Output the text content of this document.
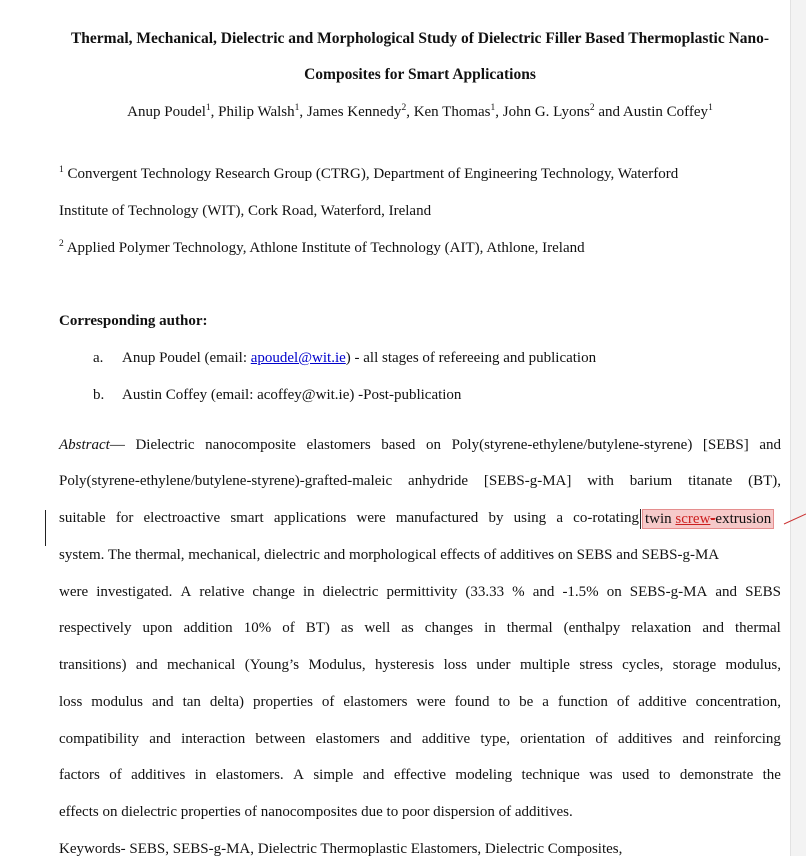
Thermal, Mechanical, Dielectric and Morphological Study of Dielectric Filler Based Thermoplastic Nano-
Composites for Smart Applications
Anup Poudel$^1$, Philip Walsh$^1$, James Kennedy$^2$, Ken Thomas$^1$, John G. Lyons$^2$ and Austin Coffey$^1$
$^1$ Convergent Technology Research Group (CTRG), Department of Engineering Technology, Waterford
Institute of Technology (WIT), Cork Road, Waterford, Ireland
$^2$ Applied Polymer Technology, Athlone Institute of Technology (AIT), Athlone, Ireland
Corresponding author:
a. Anup Poudel (email: apoudel@wit.ie) - all stages of refereeing and publication
b. Austin Coffey (email: acoffey@wit.ie) -Post-publication
Abstract— Dielectric nanocomposite elastomers based on Poly(styrene-ethylene/butylene-styrene) [SEBS] and
Poly(styrene-ethylene/butylene-styrene)-grafted-maleic anhydride [SEBS-g-MA] with barium titanate (BT),
suitable for electroactive smart applications were manufactured by using a co-rotating twin screw-extrusion
system. The thermal, mechanical, dielectric and morphological effects of additives on SEBS and SEBS-g-MA
were investigated. A relative change in dielectric permittivity (33.33 % and -1.5% on SEBS-g-MA and SEBS
respectively upon addition 10% of BT) as well as changes in thermal (enthalpy relaxation and thermal
transitions) and mechanical (Young’s Modulus, hysteresis loss under multiple stress cycles, storage modulus,
loss modulus and tan delta) properties of elastomers were found to be a function of additive concentration,
compatibility and interaction between elastomers and additive type, orientation of additives and reinforcing
factors of additives in elastomers. A simple and effective modeling technique was used to demonstrate the
effects on dielectric properties of nanocomposites due to poor dispersion of additives.
Keywords- SEBS, SEBS-g-MA, Dielectric Thermoplastic Elastomers, Dielectric Composites,
